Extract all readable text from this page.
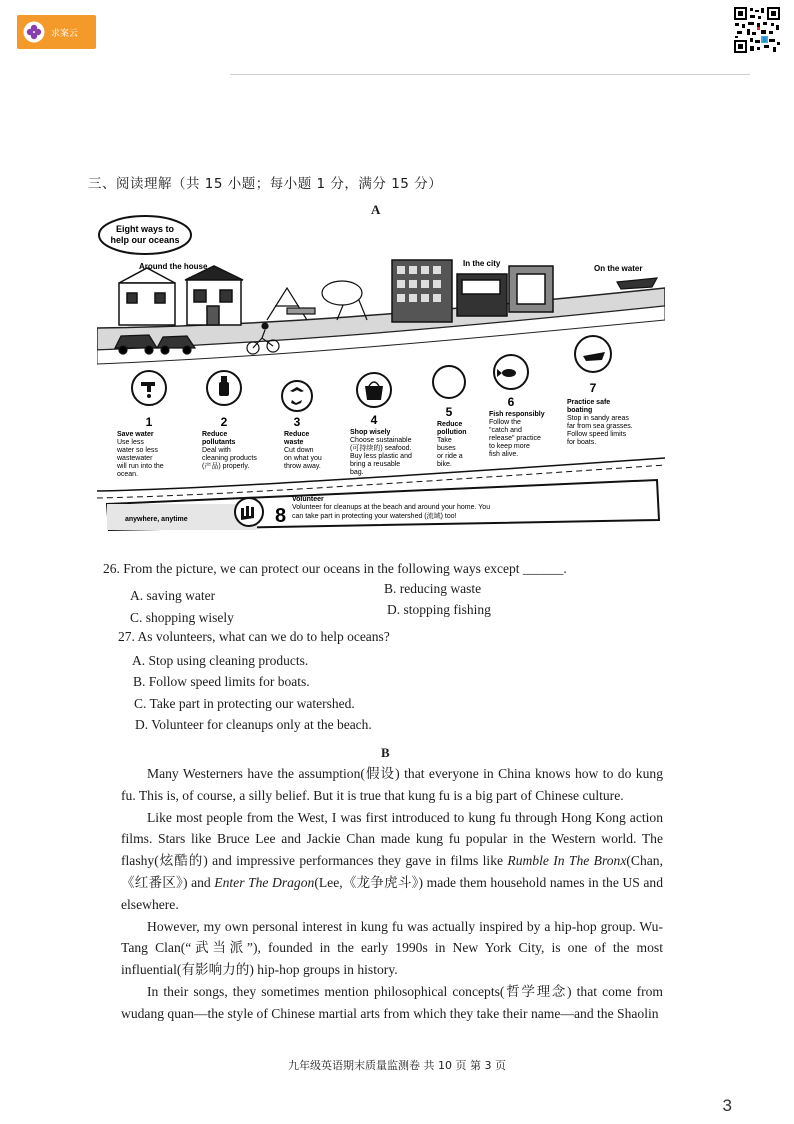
求案云
三、阅读理解（共 15 小题；每小题 1 分，满分 15 分）
A
Eight ways to
help our oceans
Around the house	In the city
On the water
1	2	3	4
5
6
7
Save water
Use less
water so less
wastewater
will run into the
ocean.
Reduce
pollutants
Deal with
cleaning products
(产品) properly.
Reduce
waste
Cut down
on what you
throw away.
Shop wisely
Choose sustainable
(可持续的) seafood.
Buy less plastic and
bring a reusable
bag.
Reduce
pollution
Take
buses
or ride a
bike.
Fish responsibly
Follow the
"catch and
release" practice
to keep more
fish alive.
Practice safe
boating
Stop in sandy areas
far from sea grasses.
Follow speed limits
for boats.
anywhere, anytime	8
Volunteer
Volunteer for cleanups at the beach and around your home. You
can take part in protecting your watershed (流域) too!
26. From the picture, we can protect our oceans in the following ways except ______.
A. saving water	B. reducing waste
C. shopping wisely
D. stopping fishing
27. As volunteers, what can we do to help oceans?
A. Stop using cleaning products.
B. Follow speed limits for boats.
C. Take part in protecting our watershed.
D. Volunteer for cleanups only at the beach.
B

Many Westerners have the assumption(假设) that everyone in China knows how to do kung fu. This is, of course, a silly belief. But it is true that kung fu is a big part of Chinese culture.

Like most people from the West, I was first introduced to kung fu through Hong Kong action films. Stars like Bruce Lee and Jackie Chan made kung fu popular in the Western world. The flashy(炫酷的) and impressive performances they gave in films like Rumble In The Bronx(Chan, 《红番区》) and Enter The Dragon(Lee,《龙争虎斗》) made them household names in the US and elsewhere.

However, my own personal interest in kung fu was actually inspired by a hip-hop group. Wu-Tang Clan(“武当派”), founded in the early 1990s in New York City, is one of the most influential(有影响力的) hip-hop groups in history.

In their songs, they sometimes mention philosophical concepts(哲学理念) that come from wudang quan—the style of Chinese martial arts from which they take their name—and the Shaolin

九年级英语期末质量监测卷 共 10 页 第 3 页
3
